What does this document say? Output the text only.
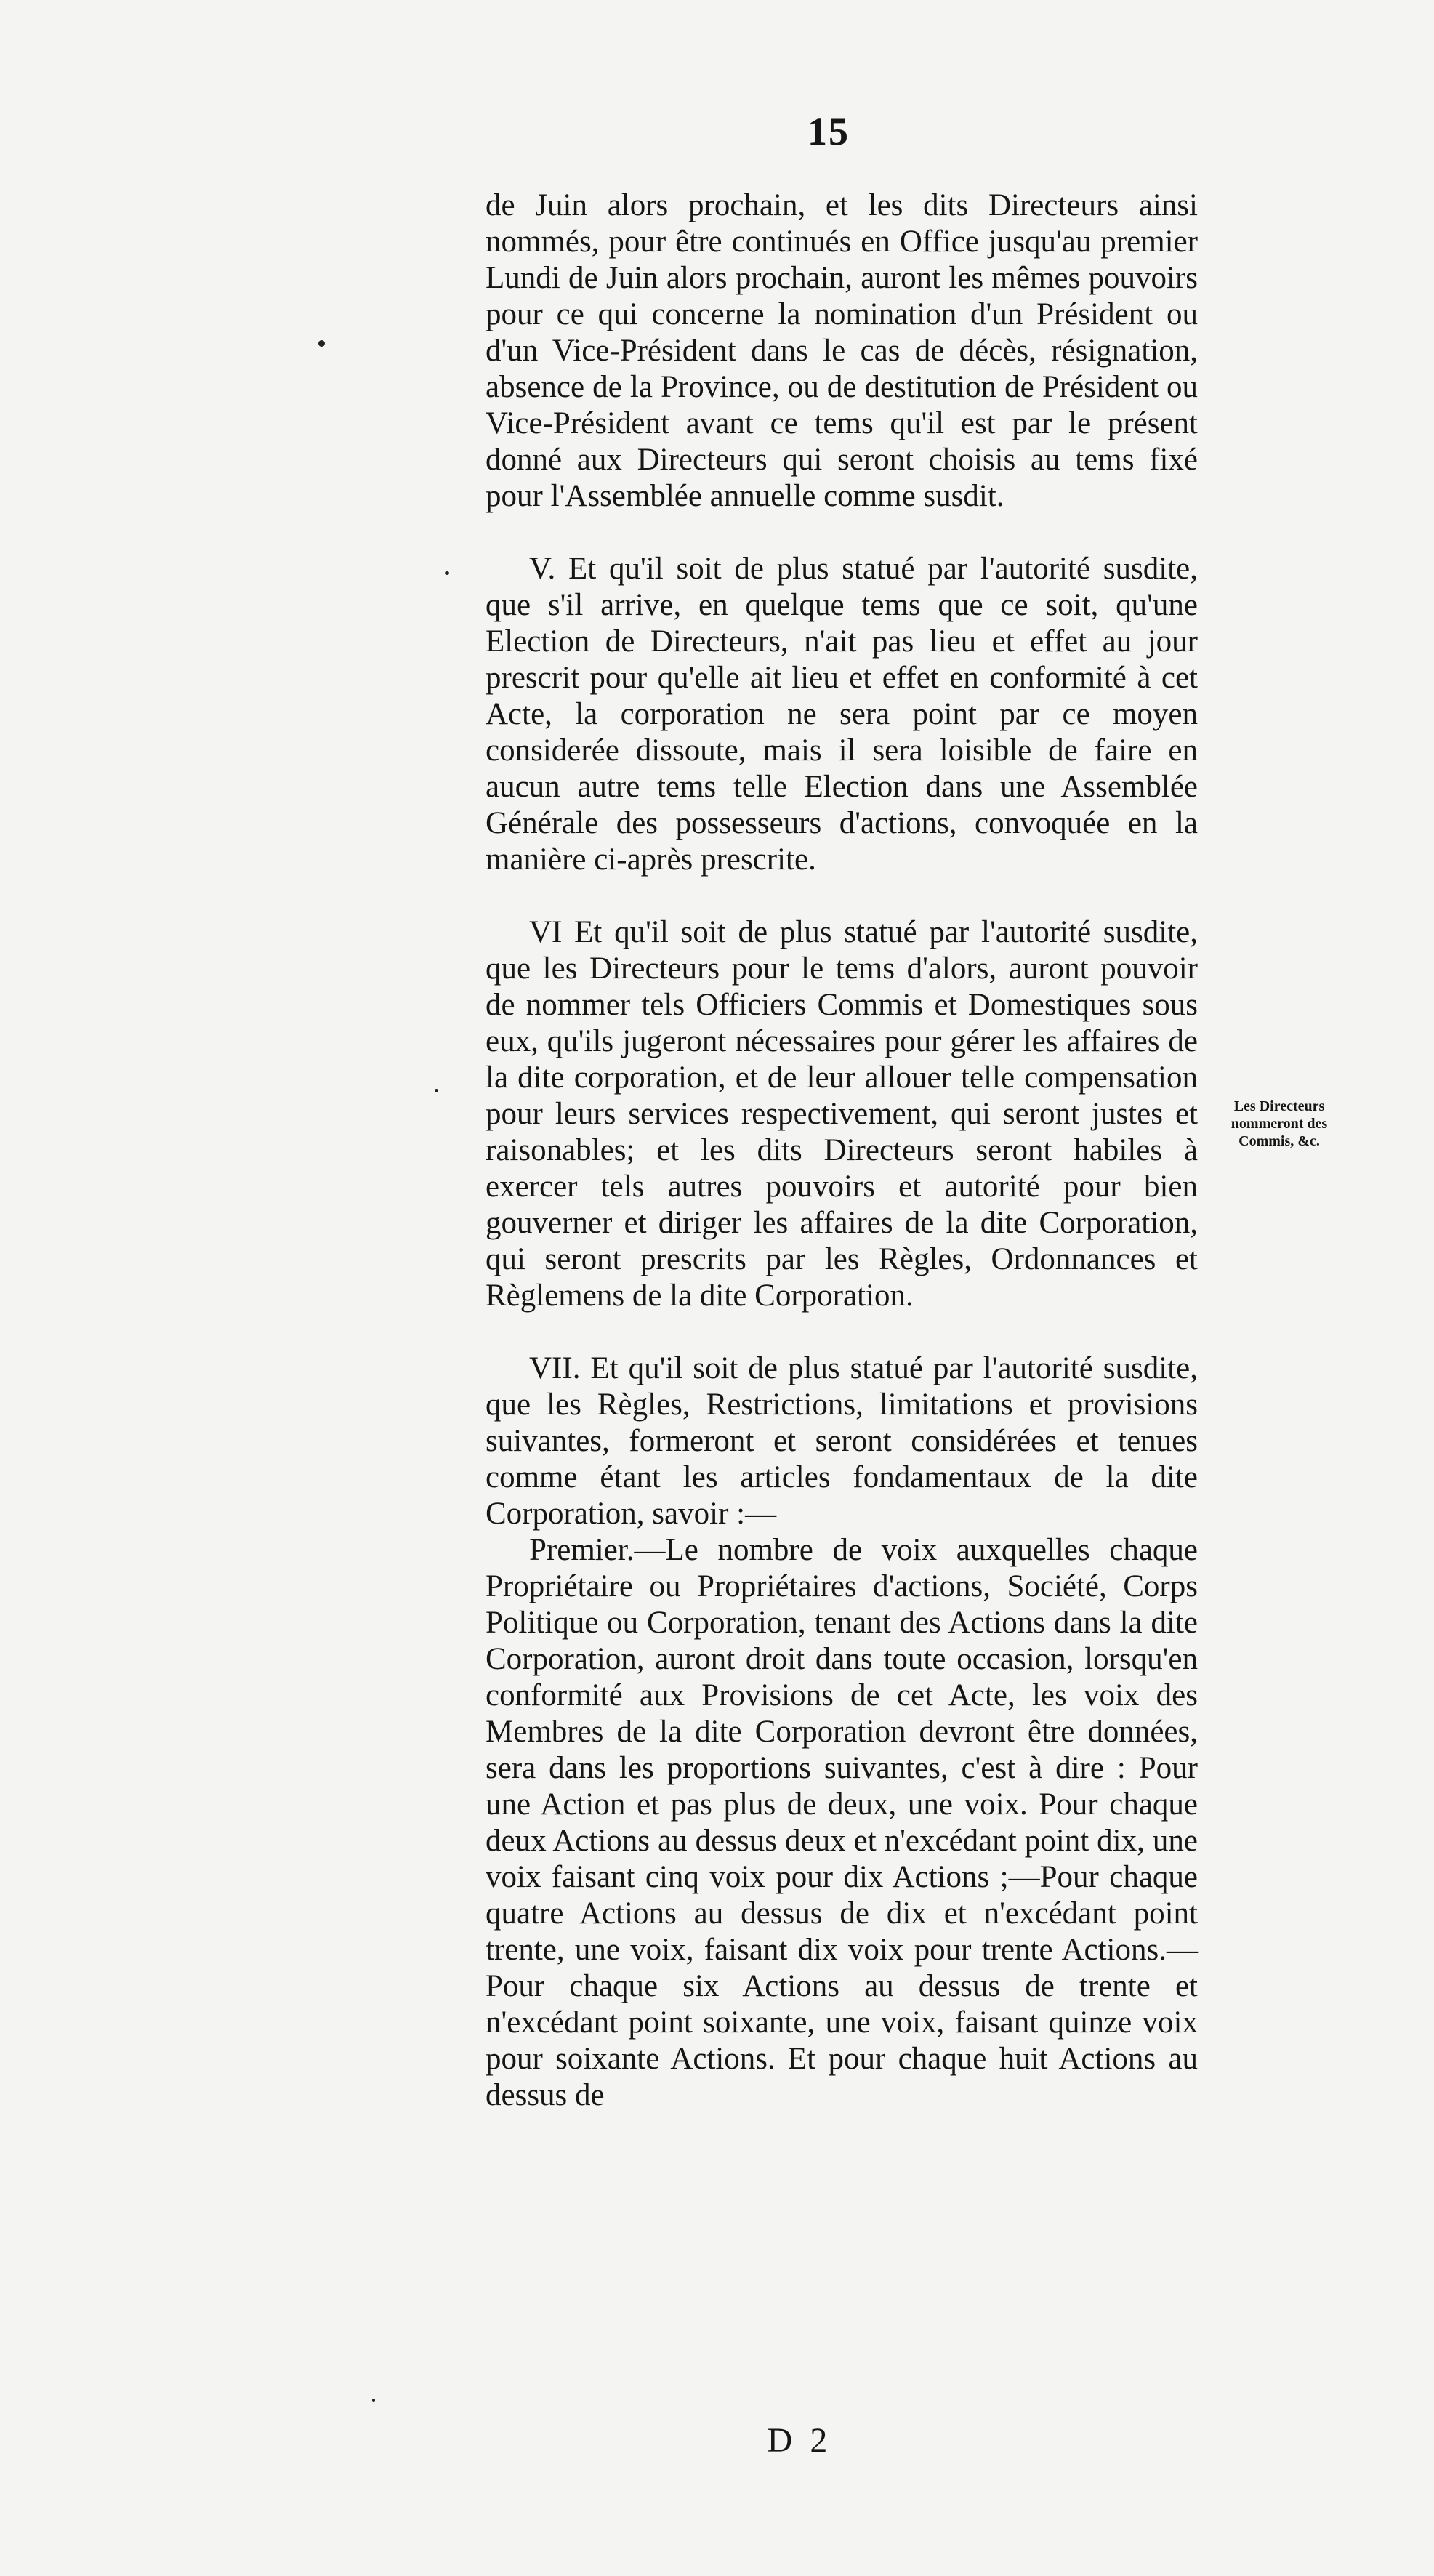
15

de Juin alors prochain, et les dits Directeurs ainsi nommés, pour être continués en Office jusqu'au premier Lundi de Juin alors prochain, auront les mêmes pouvoirs pour ce qui concerne la nomination d'un Président ou d'un Vice-Président dans le cas de décès, résignation, absence de la Province, ou de destitution de Président ou Vice-Président avant ce tems qu'il est par le présent donné aux Directeurs qui seront choisis au tems fixé pour l'Assemblée annuelle comme susdit.

V. Et qu'il soit de plus statué par l'autorité susdite, que s'il arrive, en quelque tems que ce soit, qu'une Election de Directeurs, n'ait pas lieu et effet au jour prescrit pour qu'elle ait lieu et effet en conformité à cet Acte, la corporation ne sera point par ce moyen considerée dissoute, mais il sera loisible de faire en aucun autre tems telle Election dans une Assemblée Générale des possesseurs d'actions, convoquée en la manière ci-après prescrite.

VI Et qu'il soit de plus statué par l'autorité susdite, que les Directeurs pour le tems d'alors, auront pouvoir de nommer tels Officiers Commis et Domestiques sous eux, qu'ils jugeront nécessaires pour gérer les affaires de la dite corporation, et de leur allouer telle compensation pour leurs services respectivement, qui seront justes et raisonables; et les dits Directeurs seront habiles à exercer tels autres pouvoirs et autorité pour bien gouverner et diriger les affaires de la dite Corporation, qui seront prescrits par les Règles, Ordonnances et Règlemens de la dite Corporation.

VII. Et qu'il soit de plus statué par l'autorité susdite, que les Règles, Restrictions, limitations et provisions suivantes, formeront et seront considérées et tenues comme étant les articles fondamentaux de la dite Corporation, savoir :—

Premier.—Le nombre de voix auxquelles chaque Propriétaire ou Propriétaires d'actions, Société, Corps Politique ou Corporation, tenant des Actions dans la dite Corporation, auront droit dans toute occasion, lorsqu'en conformité aux Provisions de cet Acte, les voix des Membres de la dite Corporation devront être données, sera dans les proportions suivantes, c'est à dire : Pour une Action et pas plus de deux, une voix. Pour chaque deux Actions au dessus deux et n'excédant point dix, une voix faisant cinq voix pour dix Actions ;—Pour chaque quatre Actions au dessus de dix et n'excédant point trente, une voix, faisant dix voix pour trente Actions.—Pour chaque six Actions au dessus de trente et n'excédant point soixante, une voix, faisant quinze voix pour soixante Actions. Et pour chaque huit Actions au dessus de

Les Directeurs nommeront des Commis, &c.
D 2
